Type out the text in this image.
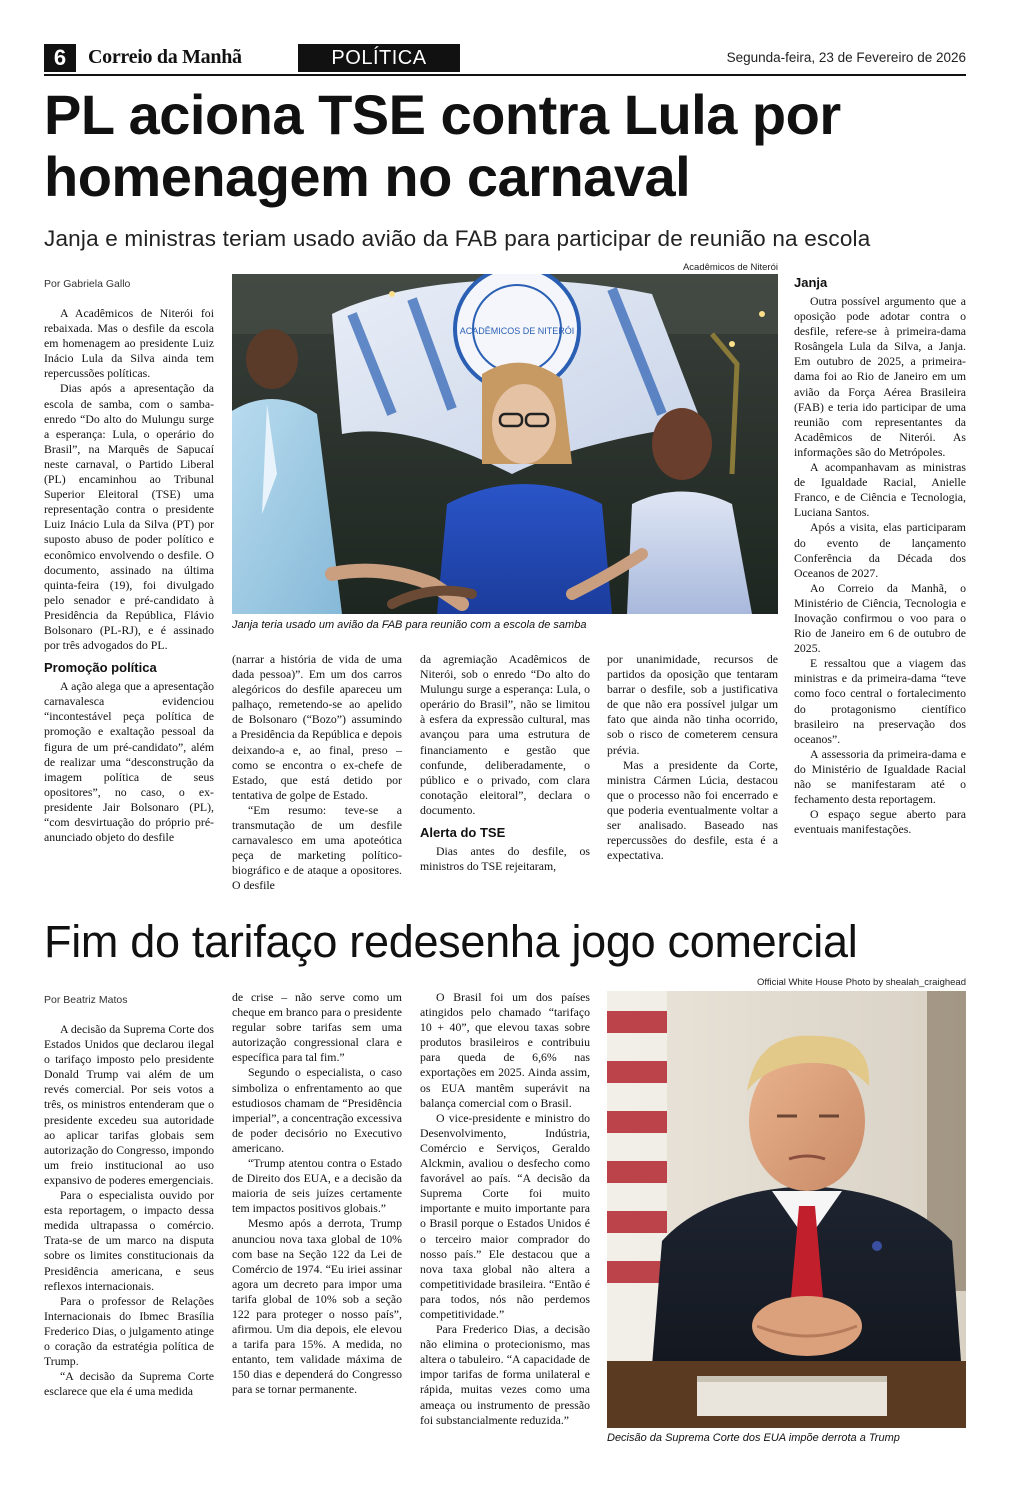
6	Correio da Manhã	POLÍTICA	Segunda-feira, 23 de Fevereiro de 2026
PL aciona TSE contra Lula por
homenagem no carnaval
Janja e ministras teriam usado avião da FAB para participar de reunião na escola
Por Gabriela Gallo
Acadêmicos de Niterói
ACADÊMICOS DE NITERÓI
Janja teria usado um avião da FAB para reunião com a escola de samba

A Acadêmicos de Niterói foi rebaixada. Mas o desfile da escola em homenagem ao presidente Luiz Inácio Lula da Silva ainda tem repercussões políticas.

Dias após a apresentação da escola de samba, com o samba-enredo “Do alto do Mulungu surge a esperança: Lula, o operário do Brasil”, na Marquês de Sapucaí neste carnaval, o Partido Liberal (PL) encaminhou ao Tribunal Superior Eleitoral (TSE) uma representação contra o presidente Luiz Inácio Lula da Silva (PT) por suposto abuso de poder político e econômico envolvendo o desfile. O documento, assinado na última quinta-feira (19), foi divulgado pelo senador e pré-candidato à Presidência da República, Flávio Bolsonaro (PL-RJ), e é assinado por três advogados do PL.

Promoção política

A ação alega que a apresentação carnavalesca evidenciou “incontestável peça política de promoção e exaltação pessoal da figura de um pré-candidato”, além de realizar uma “desconstrução da imagem política de seus opositores”, no caso, o ex-presidente Jair Bolsonaro (PL), “com desvirtuação do próprio pré-anunciado objeto do desfile

(narrar a história de vida de uma dada pessoa)”. Em um dos carros alegóricos do desfile apareceu um palhaço, remetendo-se ao apelido de Bolsonaro (“Bozo”) assumindo a Presidência da República e depois deixando-a e, ao final, preso – como se encontra o ex-chefe de Estado, que está detido por tentativa de golpe de Estado.

“Em resumo: teve-se a transmutação de um desfile carnavalesco em uma apoteótica peça de marketing político-biográfico e de ataque a opositores. O desfile

da agremiação Acadêmicos de Niterói, sob o enredo “Do alto do Mulungu surge a esperança: Lula, o operário do Brasil”, não se limitou à esfera da expressão cultural, mas avançou para uma estrutura de financiamento e gestão que confunde, deliberadamente, o público e o privado, com clara conotação eleitoral”, declara o documento.

Alerta do TSE

Dias antes do desfile, os ministros do TSE rejeitaram,

por unanimidade, recursos de partidos da oposição que tentaram barrar o desfile, sob a justificativa de que não era possível julgar um fato que ainda não tinha ocorrido, sob o risco de cometerem censura prévia.

Mas a presidente da Corte, ministra Cármen Lúcia, destacou que o processo não foi encerrado e que poderia eventualmente voltar a ser analisado. Baseado nas repercussões do desfile, esta é a expectativa.

Janja

Outra possível argumento que a oposição pode adotar contra o desfile, refere-se à primeira-dama Rosângela Lula da Silva, a Janja. Em outubro de 2025, a primeira-dama foi ao Rio de Janeiro em um avião da Força Aérea Brasileira (FAB) e teria ido participar de uma reunião com representantes da Acadêmicos de Niterói. As informações são do Metrópoles.

A acompanhavam as ministras de Igualdade Racial, Anielle Franco, e de Ciência e Tecnologia, Luciana Santos.

Após a visita, elas participaram do evento de lançamento Conferência da Década dos Oceanos de 2027.

Ao Correio da Manhã, o Ministério de Ciência, Tecnologia e Inovação confirmou o voo para o Rio de Janeiro em 6 de outubro de 2025.

E ressaltou que a viagem das ministras e da primeira-dama “teve como foco central o fortalecimento do protagonismo científico brasileiro na preservação dos oceanos”.

A assessoria da primeira-dama e do Ministério de Igualdade Racial não se manifestaram até o fechamento desta reportagem.

O espaço segue aberto para eventuais manifestações.

Fim do tarifaço redesenha jogo comercial
Por Beatriz Matos
Official White House Photo by shealah_craighead
Decisão da Suprema Corte dos EUA impõe derrota a Trump

A decisão da Suprema Corte dos Estados Unidos que declarou ilegal o tarifaço imposto pelo presidente Donald Trump vai além de um revés comercial. Por seis votos a três, os ministros entenderam que o presidente excedeu sua autoridade ao aplicar tarifas globais sem autorização do Congresso, impondo um freio institucional ao uso expansivo de poderes emergenciais.

Para o especialista ouvido por esta reportagem, o impacto dessa medida ultrapassa o comércio. Trata-se de um marco na disputa sobre os limites constitucionais da Presidência americana, e seus reflexos internacionais.

Para o professor de Relações Internacionais do Ibmec Brasília Frederico Dias, o julgamento atinge o coração da estratégia política de Trump.

“A decisão da Suprema Corte esclarece que ela é uma medida

de crise – não serve como um cheque em branco para o presidente regular sobre tarifas sem uma autorização congressional clara e específica para tal fim.”

Segundo o especialista, o caso simboliza o enfrentamento ao que estudiosos chamam de “Presidência imperial”, a concentração excessiva de poder decisório no Executivo americano.

“Trump atentou contra o Estado de Direito dos EUA, e a decisão da maioria de seis juízes certamente tem impactos positivos globais.”

Mesmo após a derrota, Trump anunciou nova taxa global de 10% com base na Seção 122 da Lei de Comércio de 1974. “Eu iriei assinar agora um decreto para impor uma tarifa global de 10% sob a seção 122 para proteger o nosso país”, afirmou. Um dia depois, ele elevou a tarifa para 15%. A medida, no entanto, tem validade máxima de 150 dias e dependerá do Congresso para se tornar permanente.

O Brasil foi um dos países atingidos pelo chamado “tarifaço 10 + 40”, que elevou taxas sobre produtos brasileiros e contribuiu para queda de 6,6% nas exportações em 2025. Ainda assim, os EUA mantêm superávit na balança comercial com o Brasil.

O vice-presidente e ministro do Desenvolvimento, Indústria, Comércio e Serviços, Geraldo Alckmin, avaliou o desfecho como favorável ao país. “A decisão da Suprema Corte foi muito importante e muito importante para o Brasil porque o Estados Unidos é o terceiro maior comprador do nosso país.” Ele destacou que a nova taxa global não altera a competitividade brasileira. “Então é para todos, nós não perdemos competitividade.”

Para Frederico Dias, a decisão não elimina o protecionismo, mas altera o tabuleiro. “A capacidade de impor tarifas de forma unilateral e rápida, muitas vezes como uma ameaça ou instrumento de pressão foi substancialmente reduzida.”
